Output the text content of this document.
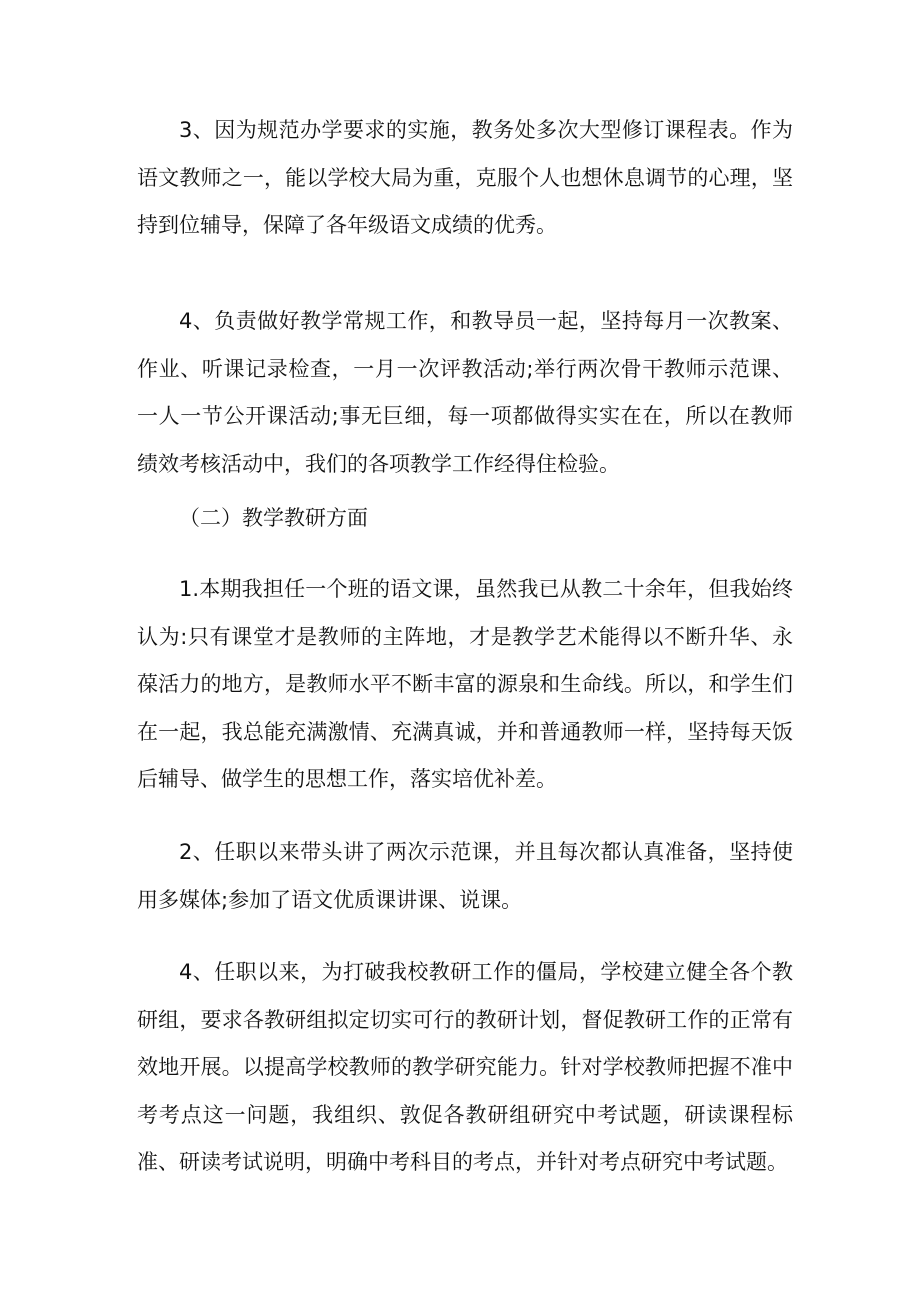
3、因为规范办学要求的实施，教务处多次大型修订课程表。作为语文教师之一，能以学校大局为重，克服个人也想休息调节的心理，坚持到位辅导，保障了各年级语文成绩的优秀。

4、负责做好教学常规工作，和教导员一起，坚持每月一次教案、作业、听课记录检查，一月一次评教活动;举行两次骨干教师示范课、一人一节公开课活动;事无巨细，每一项都做得实实在在，所以在教师绩效考核活动中，我们的各项教学工作经得住检验。

（二）教学教研方面

1.本期我担任一个班的语文课，虽然我已从教二十余年，但我始终认为:只有课堂才是教师的主阵地，才是教学艺术能得以不断升华、永葆活力的地方，是教师水平不断丰富的源泉和生命线。所以，和学生们在一起，我总能充满激情、充满真诚，并和普通教师一样，坚持每天饭后辅导、做学生的思想工作，落实培优补差。

2、任职以来带头讲了两次示范课，并且每次都认真准备，坚持使用多媒体;参加了语文优质课讲课、说课。

4、任职以来，为打破我校教研工作的僵局，学校建立健全各个教研组，要求各教研组拟定切实可行的教研计划，督促教研工作的正常有效地开展。以提高学校教师的教学研究能力。针对学校教师把握不准中考考点这一问题，我组织、敦促各教研组研究中考试题，研读课程标准、研读考试说明，明确中考科目的考点，并针对考点研究中考试题。
